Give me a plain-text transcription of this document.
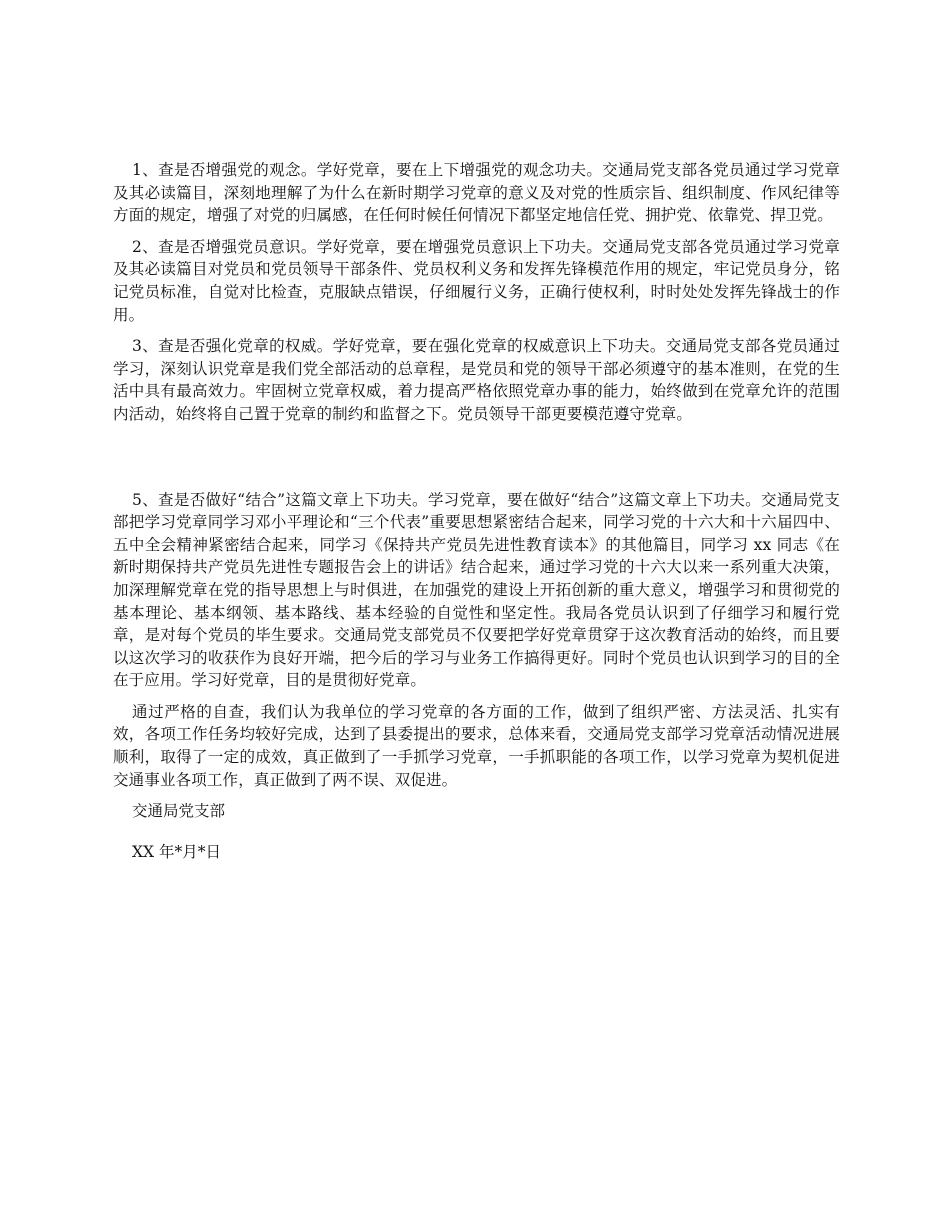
1、查是否增强党的观念。学好党章，要在上下增强党的观念功夫。交通局党支部各党员通过学习党章及其必读篇目，深刻地理解了为什么在新时期学习党章的意义及对党的性质宗旨、组织制度、作风纪律等方面的规定，增强了对党的归属感，在任何时候任何情况下都坚定地信任党、拥护党、依靠党、捍卫党。

2、查是否增强党员意识。学好党章，要在增强党员意识上下功夫。交通局党支部各党员通过学习党章及其必读篇目对党员和党员领导干部条件、党员权利义务和发挥先锋模范作用的规定，牢记党员身分，铭记党员标准，自觉对比检查，克服缺点错误，仔细履行义务，正确行使权利，时时处处发挥先锋战士的作用。

3、查是否强化党章的权威。学好党章，要在强化党章的权威意识上下功夫。交通局党支部各党员通过学习，深刻认识党章是我们党全部活动的总章程，是党员和党的领导干部必须遵守的基本准则，在党的生活中具有最高效力。牢固树立党章权威，着力提高严格依照党章办事的能力，始终做到在党章允许的范围内活动，始终将自己置于党章的制约和监督之下。党员领导干部更要模范遵守党章。

5、查是否做好“结合”这篇文章上下功夫。学习党章，要在做好“结合”这篇文章上下功夫。交通局党支部把学习党章同学习邓小平理论和“三个代表”重要思想紧密结合起来，同学习党的十六大和十六届四中、五中全会精神紧密结合起来，同学习《保持共产党员先进性教育读本》的其他篇目，同学习 xx 同志《在新时期保持共产党员先进性专题报告会上的讲话》结合起来，通过学习党的十六大以来一系列重大决策，加深理解党章在党的指导思想上与时俱进，在加强党的建设上开拓创新的重大意义，增强学习和贯彻党的基本理论、基本纲领、基本路线、基本经验的自觉性和坚定性。我局各党员认识到了仔细学习和履行党章，是对每个党员的毕生要求。交通局党支部党员不仅要把学好党章贯穿于这次教育活动的始终，而且要以这次学习的收获作为良好开端，把今后的学习与业务工作搞得更好。同时个党员也认识到学习的目的全在于应用。学习好党章，目的是贯彻好党章。

通过严格的自查，我们认为我单位的学习党章的各方面的工作，做到了组织严密、方法灵活、扎实有效，各项工作任务均较好完成，达到了县委提出的要求，总体来看，交通局党支部学习党章活动情况进展顺利，取得了一定的成效，真正做到了一手抓学习党章，一手抓职能的各项工作，以学习党章为契机促进交通事业各项工作，真正做到了两不误、双促进。

交通局党支部

XX 年*月*日
